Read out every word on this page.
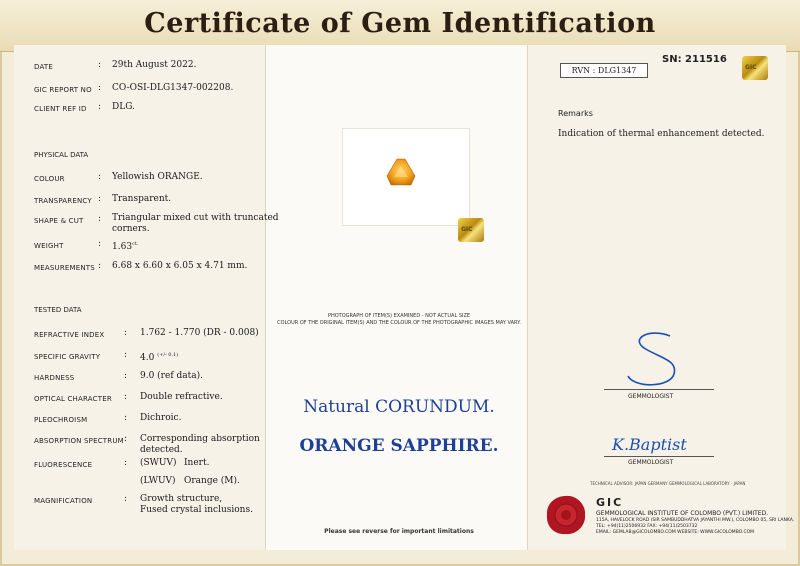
Certificate of Gem Identification
DATE	: 29th August 2022.
GIC REPORT NO : CO-OSI-DLG1347-002208.
CLIENT REF ID : DLG.
PHYSICAL DATA
COLOUR	: Yellowish ORANGE.
TRANSPARENCY : Transparent.
SHAPE & CUT : Triangular mixed cut with truncated
corners.
WEIGHT	: $1.63^{ct.}$
MEASUREMENTS : 6.68 x 6.60 x 6.05 x 4.71 mm.
TESTED DATA
REFRACTIVE INDEX : 1.762 - 1.770 (DR - 0.008)
SPECIFIC GRAVITY	: 4.0 $^{(+/- 0.1)}$
HARDNESS	: 9.0 (ref data).
OPTICAL CHARACTER : Double refractive.
PLEOCHROISM	: Dichroic.
ABSORPTION SPECTRUM : Corresponding absorption
detected.
FLUORESCENCE	: (SWUV) Inert.
(LWUV) Orange (M).
MAGNIFICATION	: Growth structure,
Fused crystal inclusions.
GIC
PHOTOGRAPH OF ITEM(S) EXAMINED - NOT ACTUAL SIZE
COLOUR OF THE ORIGINAL ITEM(S) AND THE COLOUR OF THE PHOTOGRAPHIC IMAGES MAY VARY.
Natural CORUNDUM.
ORANGE SAPPHIRE.
Please see reverse for important limitations
RVN : DLG1347
SN: 211516
GIC
Remarks
Indication of thermal enhancement detected.
GEMMOLOGIST
K.Baptist
GEMMOLOGIST
TECHNICAL ADVISOR: JAPAN GERMANY GEMMOLOGICAL LABORATORY - JAPAN
GIC
GEMMOLOGICAL INSTITUTE OF COLOMBO (PVT.) LIMITED.
115A, HAVELOCK ROAD (SIR SAMBUDDHATVA JAYANTHI MW.), COLOMBO 05, SRI LANKA.
TEL: +94(11)2506932 FAX: +94(11)2503732
EMAIL: GEMLAB@GICOLOMBO.COM WEBSITE: WWW.GICOLOMBO.COM
